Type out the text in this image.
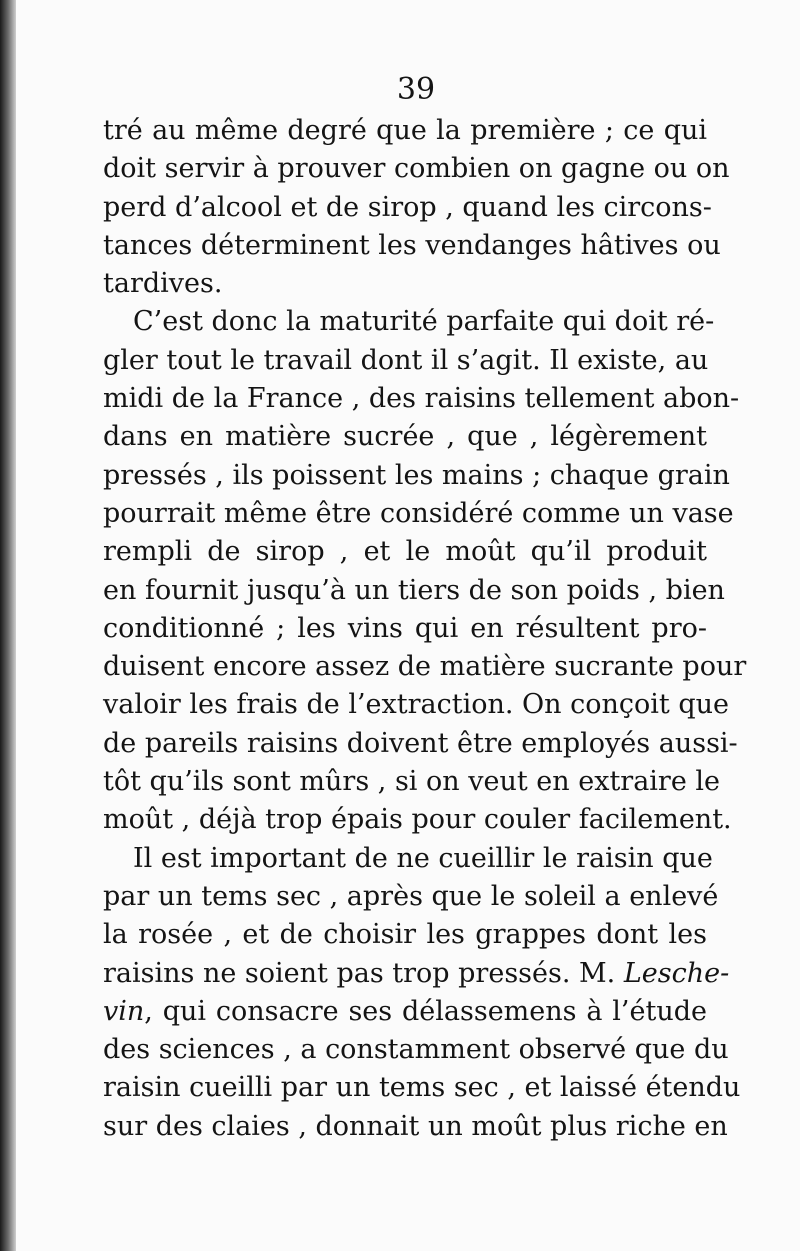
39
tré au même degré que la première ; ce qui
doit servir à prouver combien on gagne ou on
perd d’alcool et de sirop , quand les circons-
tances déterminent les vendanges hâtives ou
tardives.
C’est donc la maturité parfaite qui doit ré-
gler tout le travail dont il s’agit. Il existe, au
midi de la France , des raisins tellement abon-
dans en matière sucrée , que , légèrement
pressés , ils poissent les mains ; chaque grain
pourrait même être considéré comme un vase
rempli de sirop , et le moût qu’il produit
en fournit jusqu’à un tiers de son poids , bien
conditionné ; les vins qui en résultent pro-
duisent encore assez de matière sucrante pour
valoir les frais de l’extraction. On conçoit que
de pareils raisins doivent être employés aussi-
tôt qu’ils sont mûrs , si on veut en extraire le
moût , déjà trop épais pour couler facilement.
Il est important de ne cueillir le raisin que
par un tems sec , après que le soleil a enlevé
la rosée , et de choisir les grappes dont les
raisins ne soient pas trop pressés. M. Lesche-
vin, qui consacre ses délassemens à l’étude
des sciences , a constamment observé que du
raisin cueilli par un tems sec , et laissé étendu
sur des claies , donnait un moût plus riche en
